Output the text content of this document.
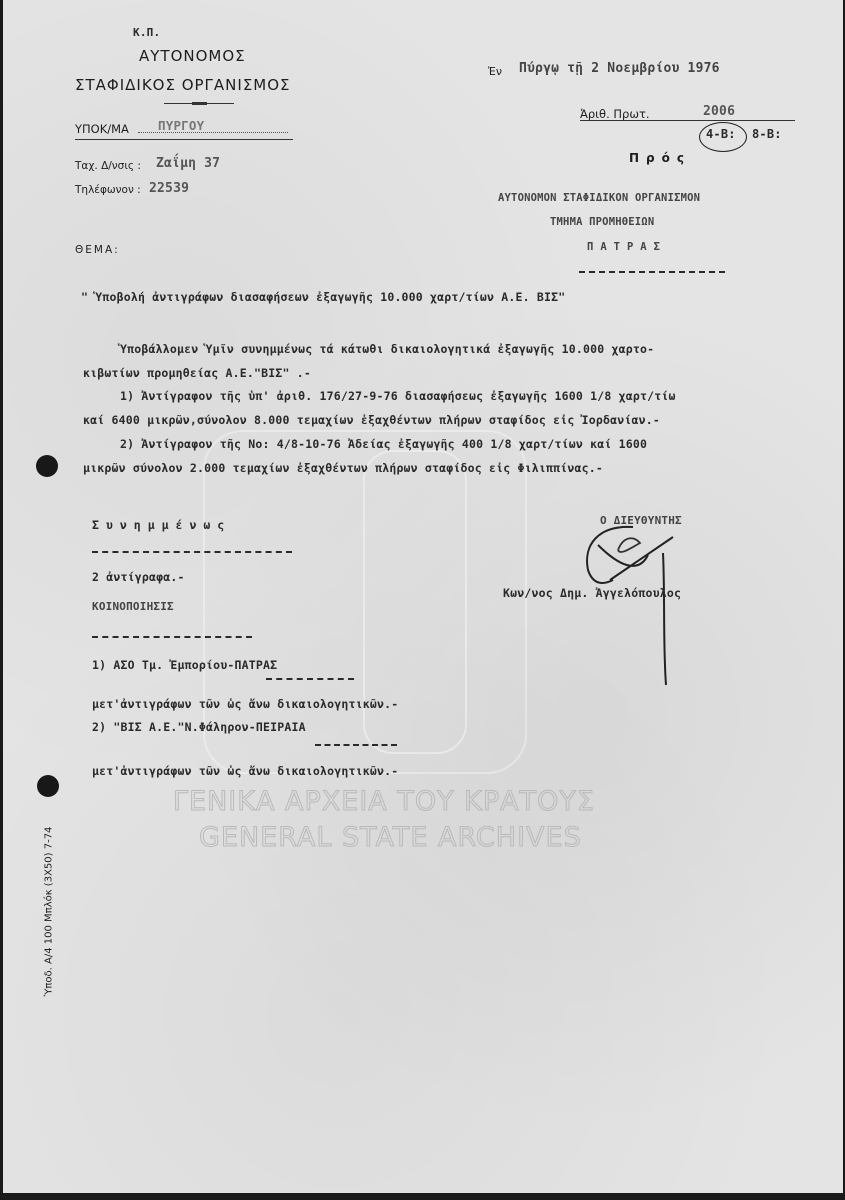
Κ.Π.
ΑΥΤΟΝΟΜΟΣ
ΣΤΑΦΙΔΙΚΟΣ ΟΡΓΑΝΙΣΜΟΣ
ΥΠΟΚ/ΜΑ ΠΥΡΓΟΥ
Ταχ. Δ/νσις : Ζαΐμη 37
Τηλέφωνον : 22539
ΘΕΜΑ:
Ἐν Πύργῳ τῇ 2 Νοεμβρίου 1976
Ἀριθ. Πρωτ.	2006
4-Β: 8-Β:
Πρός
ΑΥΤΟΝΟΜΟΝ ΣΤΑΦΙΔΙΚΟΝ ΟΡΓΑΝΙΣΜΟΝ
ΤΜΗΜΑ ΠΡΟΜΗΘΕΙΩΝ
ΠΑΤΡΑΣ
" Ὑποβολή ἀντιγράφων διασαφήσεων ἐξαγωγῆς 10.000 χαρτ/τίων Α.Ε. ΒΙΣ"
Ὑποβάλλομεν Ὑμῖν συνημμένως τά κάτωθι δικαιολογητικά ἐξαγωγῆς 10.000 χαρτο-
κιβωτίων προμηθείας Α.Ε."ΒΙΣ" .-
1) Ἀντίγραφον τῆς ὑπ' ἀριθ. 176/27-9-76 διασαφήσεως ἐξαγωγῆς 1600 1/8 χαρτ/τίω
καί 6400 μικρῶν,σύνολον 8.000 τεμαχίων ἐξαχθέντων πλήρων σταφίδος εἰς Ἰορδανίαν.-
2) Ἀντίγραφον τῆς Νο: 4/8-10-76 Ἀδείας ἐξαγωγῆς 400 1/8 χαρτ/τίων καί 1600
μικρῶν σύνολον 2.000 τεμαχίων ἐξαχθέντων πλήρων σταφίδος εἰς Φιλιππίνας.-
Συνημμένως
2 ἀντίγραφα.-
ΚΟΙΝΟΠΟΙΗΣΙΣ
1) ΑΣΟ Τμ. Ἐμπορίου-ΠΑΤΡΑΣ
μετ'ἀντιγράφων τῶν ὡς ἄνω δικαιολογητικῶν.-
2) "ΒΙΣ Α.Ε."Ν.Φάληρον-ΠΕΙΡΑΙΑ
μετ'ἀντιγράφων τῶν ὡς ἄνω δικαιολογητικῶν.-
Ο ΔΙΕΥΘΥΝΤΗΣ
Κων/νος Δημ. Ἀγγελόπουλος
ΓΕΝΙΚΑ ΑΡΧΕΙΑ ΤΟΥ ΚΡΑΤΟΥΣ
GENERAL STATE ARCHIVES
Ὑποδ. Α/4 100 Μπλόκ (3Χ50) 7-74
